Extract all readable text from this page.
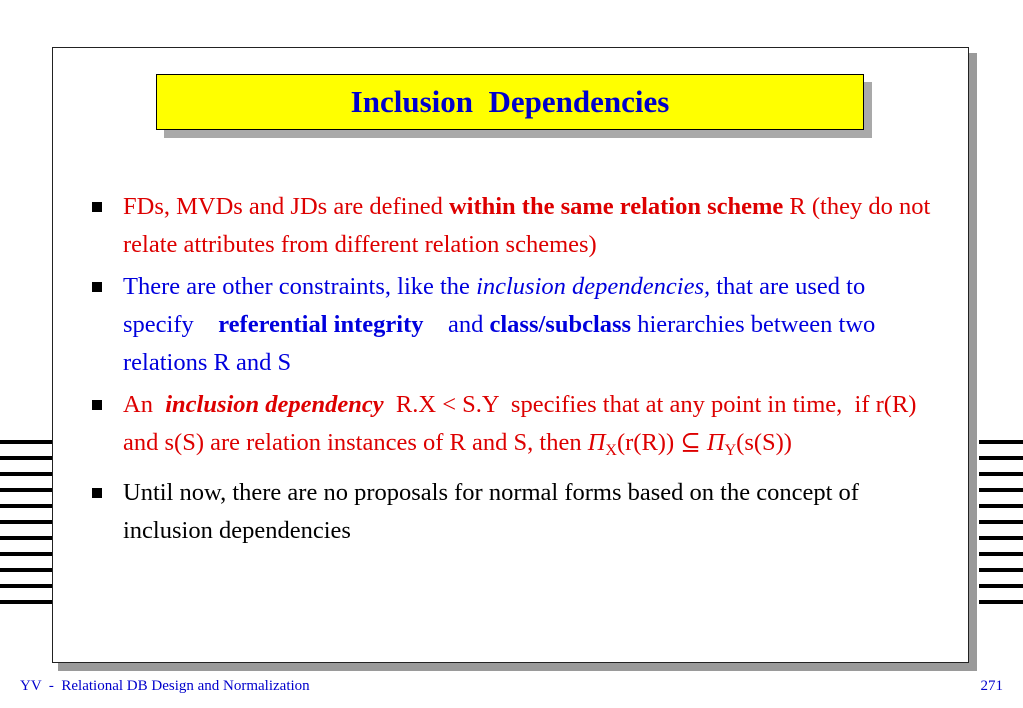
Inclusion  Dependencies
FDs, MVDs and JDs are defined within the same relation scheme R (they do not relate attributes from different relation schemes)
There are other constraints, like the inclusion dependencies, that are used to specify    referential integrity    and class/subclass hierarchies between two relations R and S
An  inclusion dependency  R.X < S.Y  specifies that at any point in time,  if r(R) and s(S) are relation instances of R and S, then $\Pi_X(r(R))$ ⊆ $\Pi_Y(s(S))$
Until now, there are no proposals for normal forms based on the concept of inclusion dependencies
YV  -  Relational DB Design and Normalization	271
